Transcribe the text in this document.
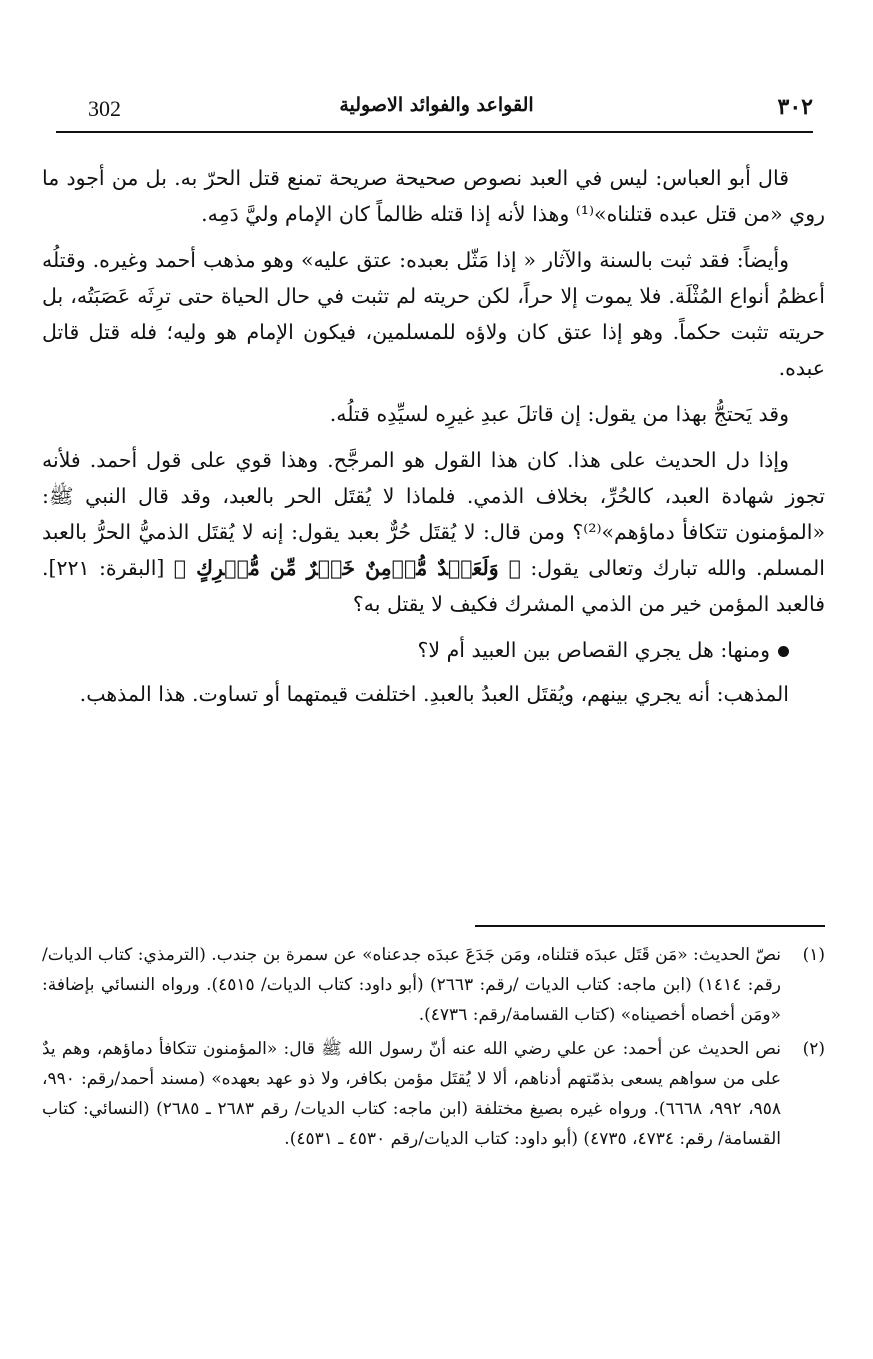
302	القواعد والفوائد الاصولية	٣٠٢

قال أبو العباس: ليس في العبد نصوص صحيحة صريحة تمنع قتل الحرّ به. بل من أجود ما روي «من قتل عبده قتلناه»⁽¹⁾ وهذا لأنه إذا قتله ظالماً كان الإمام وليَّ دَمِه.

وأيضاً: فقد ثبت بالسنة والآثار « إذا مَثّل بعبده: عتق عليه» وهو مذهب أحمد وغيره. وقتلُه أعظمُ أنواع المُثْلَة. فلا يموت إلا حراً، لكن حريته لم تثبت في حال الحياة حتى ترِثَه عَصَبَتُه، بل حريته تثبت حكماً. وهو إذا عتق كان ولاؤه للمسلمين، فيكون الإمام هو وليه؛ فله قتل قاتل عبده.

وقد يَحتجُّ بهذا من يقول: إن قاتلَ عبدِ غيرِه لسيِّدِه قتلُه.

وإذا دل الحديث على هذا. كان هذا القول هو المرجَّح. وهذا قوي على قول أحمد. فلأنه تجوز شهادة العبد، كالحُرِّ، بخلاف الذمي. فلماذا لا يُقتَل الحر بالعبد، وقد قال النبي ﷺ: «المؤمنون تتكافأ دماؤهم»⁽²⁾؟ ومن قال: لا يُقتَل حُرٌّ بعبد يقول: إنه لا يُقتَل الذميُّ الحرُّ بالعبد المسلم. والله تبارك وتعالى يقول: ﴿ وَلَعَبۡدٌ مُّؤۡمِنٌ خَيۡرٌ مِّن مُّشۡرِكٍ ﴾ [البقرة: ٢٢١]. فالعبد المؤمن خير من الذمي المشرك فكيف لا يقتل به؟

ومنها: هل يجري القصاص بين العبيد أم لا؟

المذهب: أنه يجري بينهم، ويُقتَل العبدُ بالعبدِ. اختلفت قيمتهما أو تساوت. هذا المذهب.

(١)
نصّ الحديث: «مَن قَتَل عبدَه قتلناه، ومَن جَدَعَ عبدَه جدعناه» عن سمرة بن جندب. (الترمذي: كتاب الديات/رقم: ١٤١٤) (ابن ماجه: كتاب الديات /رقم: ٢٦٦٣) (أبو داود: كتاب الديات/ ٤٥١٥). ورواه النسائي بإضافة: «ومَن أخصاه أخصيناه» (كتاب القسامة/رقم: ٤٧٣٦).
(٢)
نص الحديث عن أحمد: عن علي رضي الله عنه أنّ رسول الله ﷺ قال: «المؤمنون تتكافأ دماؤهم، وهم يدٌ على من سواهم يسعى بذمّتهم أدناهم، ألا لا يُقتَل مؤمن بكافر، ولا ذو عهد بعهده» (مسند أحمد/رقم: ٩٩٠، ٩٥٨، ٩٩٢، ٦٦٦٨). ورواه غيره بصيغ مختلفة (ابن ماجه: كتاب الديات/ رقم ٢٦٨٣ ـ ٢٦٨٥) (النسائي: كتاب القسامة/ رقم: ٤٧٣٤، ٤٧٣٥) (أبو داود: كتاب الديات/رقم ٤٥٣٠ ـ ٤٥٣١).
